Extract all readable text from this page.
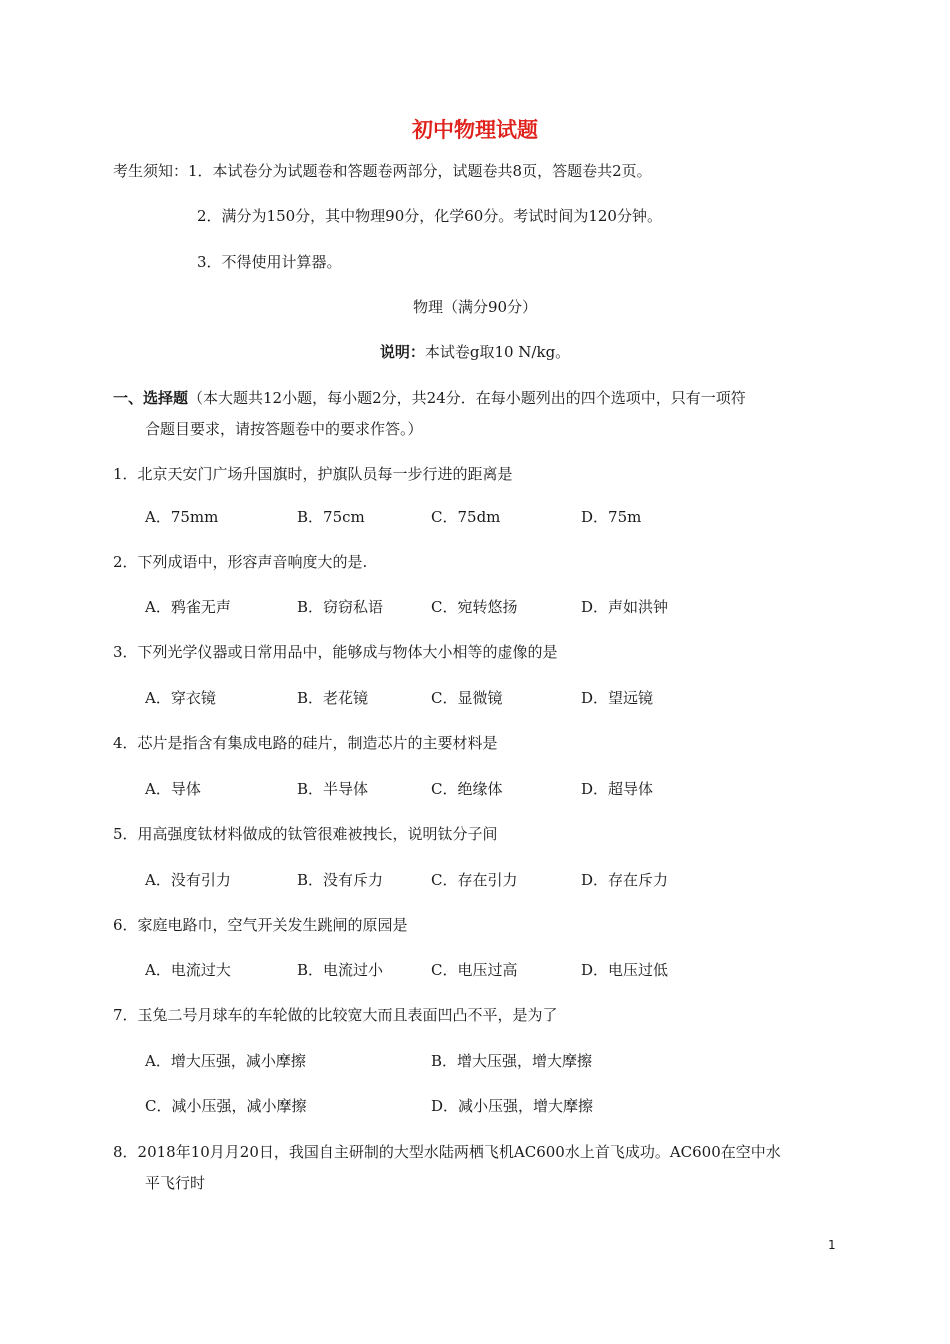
初中物理试题
考生须知：1．本试卷分为试题卷和答题卷两部分，试题卷共8页，答题卷共2页。
2．满分为150分，其中物理90分，化学60分。考试时间为120分钟。
3．不得使用计算器。
物理（满分90分）
说明：本试卷g取10 N/kg。
一、选择题（本大题共12小题，每小题2分，共24分．在每小题列出的四个选项中，只有一项符
合题目要求，请按答题卷中的要求作答。）
1．北京天安门广场升国旗时，护旗队员每一步行进的距离是
A．75mm	B．75cm	C．75dm	D．75m
2．下列成语中，形容声音响度大的是.
A．鸦雀无声	B．窃窃私语	C．宛转悠扬	D．声如洪钟
3．下列光学仪器或日常用品中，能够成与物体大小相等的虚像的是
A．穿衣镜	B．老花镜	C．显微镜	D．望远镜
4．芯片是指含有集成电路的硅片，制造芯片的主要材料是
A．导体	B．半导体	C．绝缘体	D．超导体
5．用高强度钛材料做成的钛管很难被拽长，说明钛分子间
A．没有引力	B．没有斥力	C．存在引力	D．存在斥力
6．家庭电路巾，空气开关发生跳闸的原园是
A．电流过大	B．电流过小	C．电压过高	D．电压过低
7．玉兔二号月球车的车轮做的比较宽大而且表面凹凸不平，是为了
A．增大压强，减小摩擦	B．增大压强，增大摩擦
C．减小压强，减小摩擦	D．减小压强，增大摩擦
8．2018年10月月20日，我国自主研制的大型水陆两栖飞机AC600水上首飞成功。AC600在空中水
平飞行时
1
